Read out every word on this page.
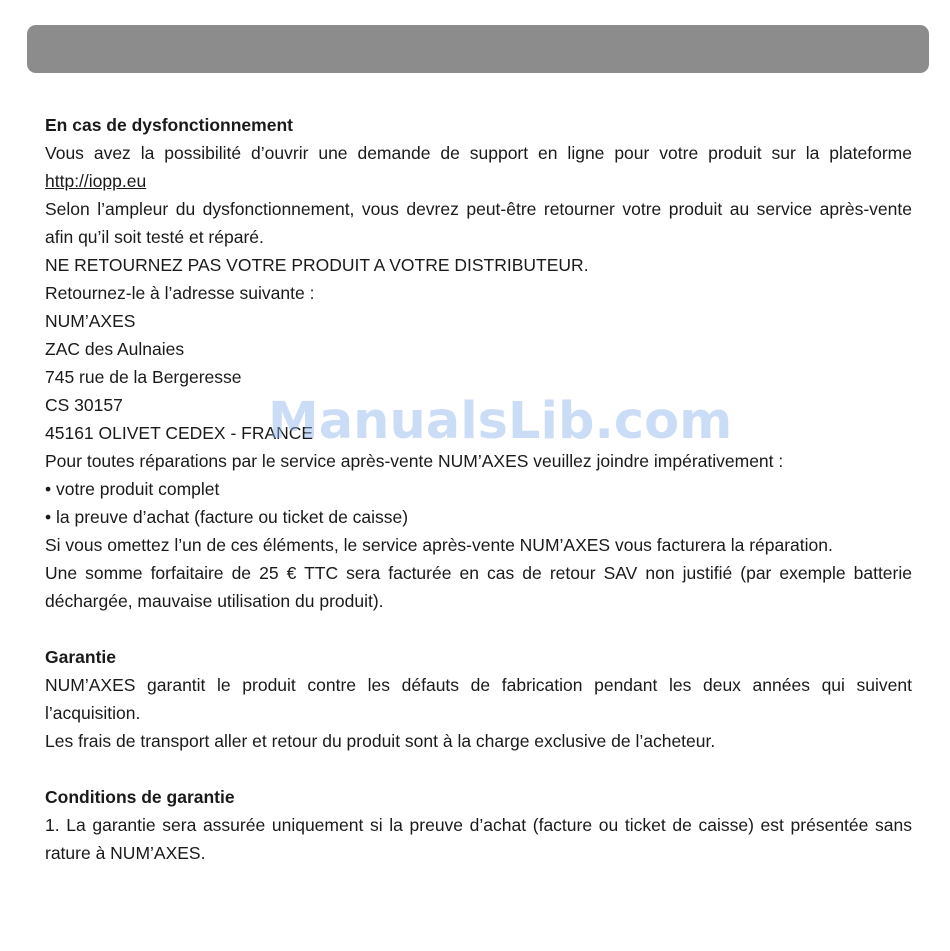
En cas de dysfonctionnement

Vous avez la possibilité d’ouvrir une demande de support en ligne pour votre produit sur la plateforme http://iopp.eu

Selon l’ampleur du dysfonctionnement, vous devrez peut-être retourner votre produit au service après-vente afin qu’il soit testé et réparé.

NE RETOURNEZ PAS VOTRE PRODUIT A VOTRE DISTRIBUTEUR.

Retournez-le à l’adresse suivante :

NUM’AXES

ZAC des Aulnaies

745 rue de la Bergeresse

CS 30157

45161 OLIVET CEDEX - FRANCE

Pour toutes réparations par le service après-vente NUM’AXES veuillez joindre impérativement :

• votre produit complet

• la preuve d’achat (facture ou ticket de caisse)

Si vous omettez l’un de ces éléments, le service après-vente NUM’AXES vous facturera la réparation.

Une somme forfaitaire de 25 € TTC sera facturée en cas de retour SAV non justifié (par exemple batterie déchargée, mauvaise utilisation du produit).

Garantie

NUM’AXES garantit le produit contre les défauts de fabrication pendant les deux années qui suivent l’acquisition.

Les frais de transport aller et retour du produit sont à la charge exclusive de l’acheteur.

Conditions de garantie

1. La garantie sera assurée uniquement si la preuve d’achat (facture ou ticket de caisse) est présentée sans rature à NUM’AXES.

ManualsLib.com
